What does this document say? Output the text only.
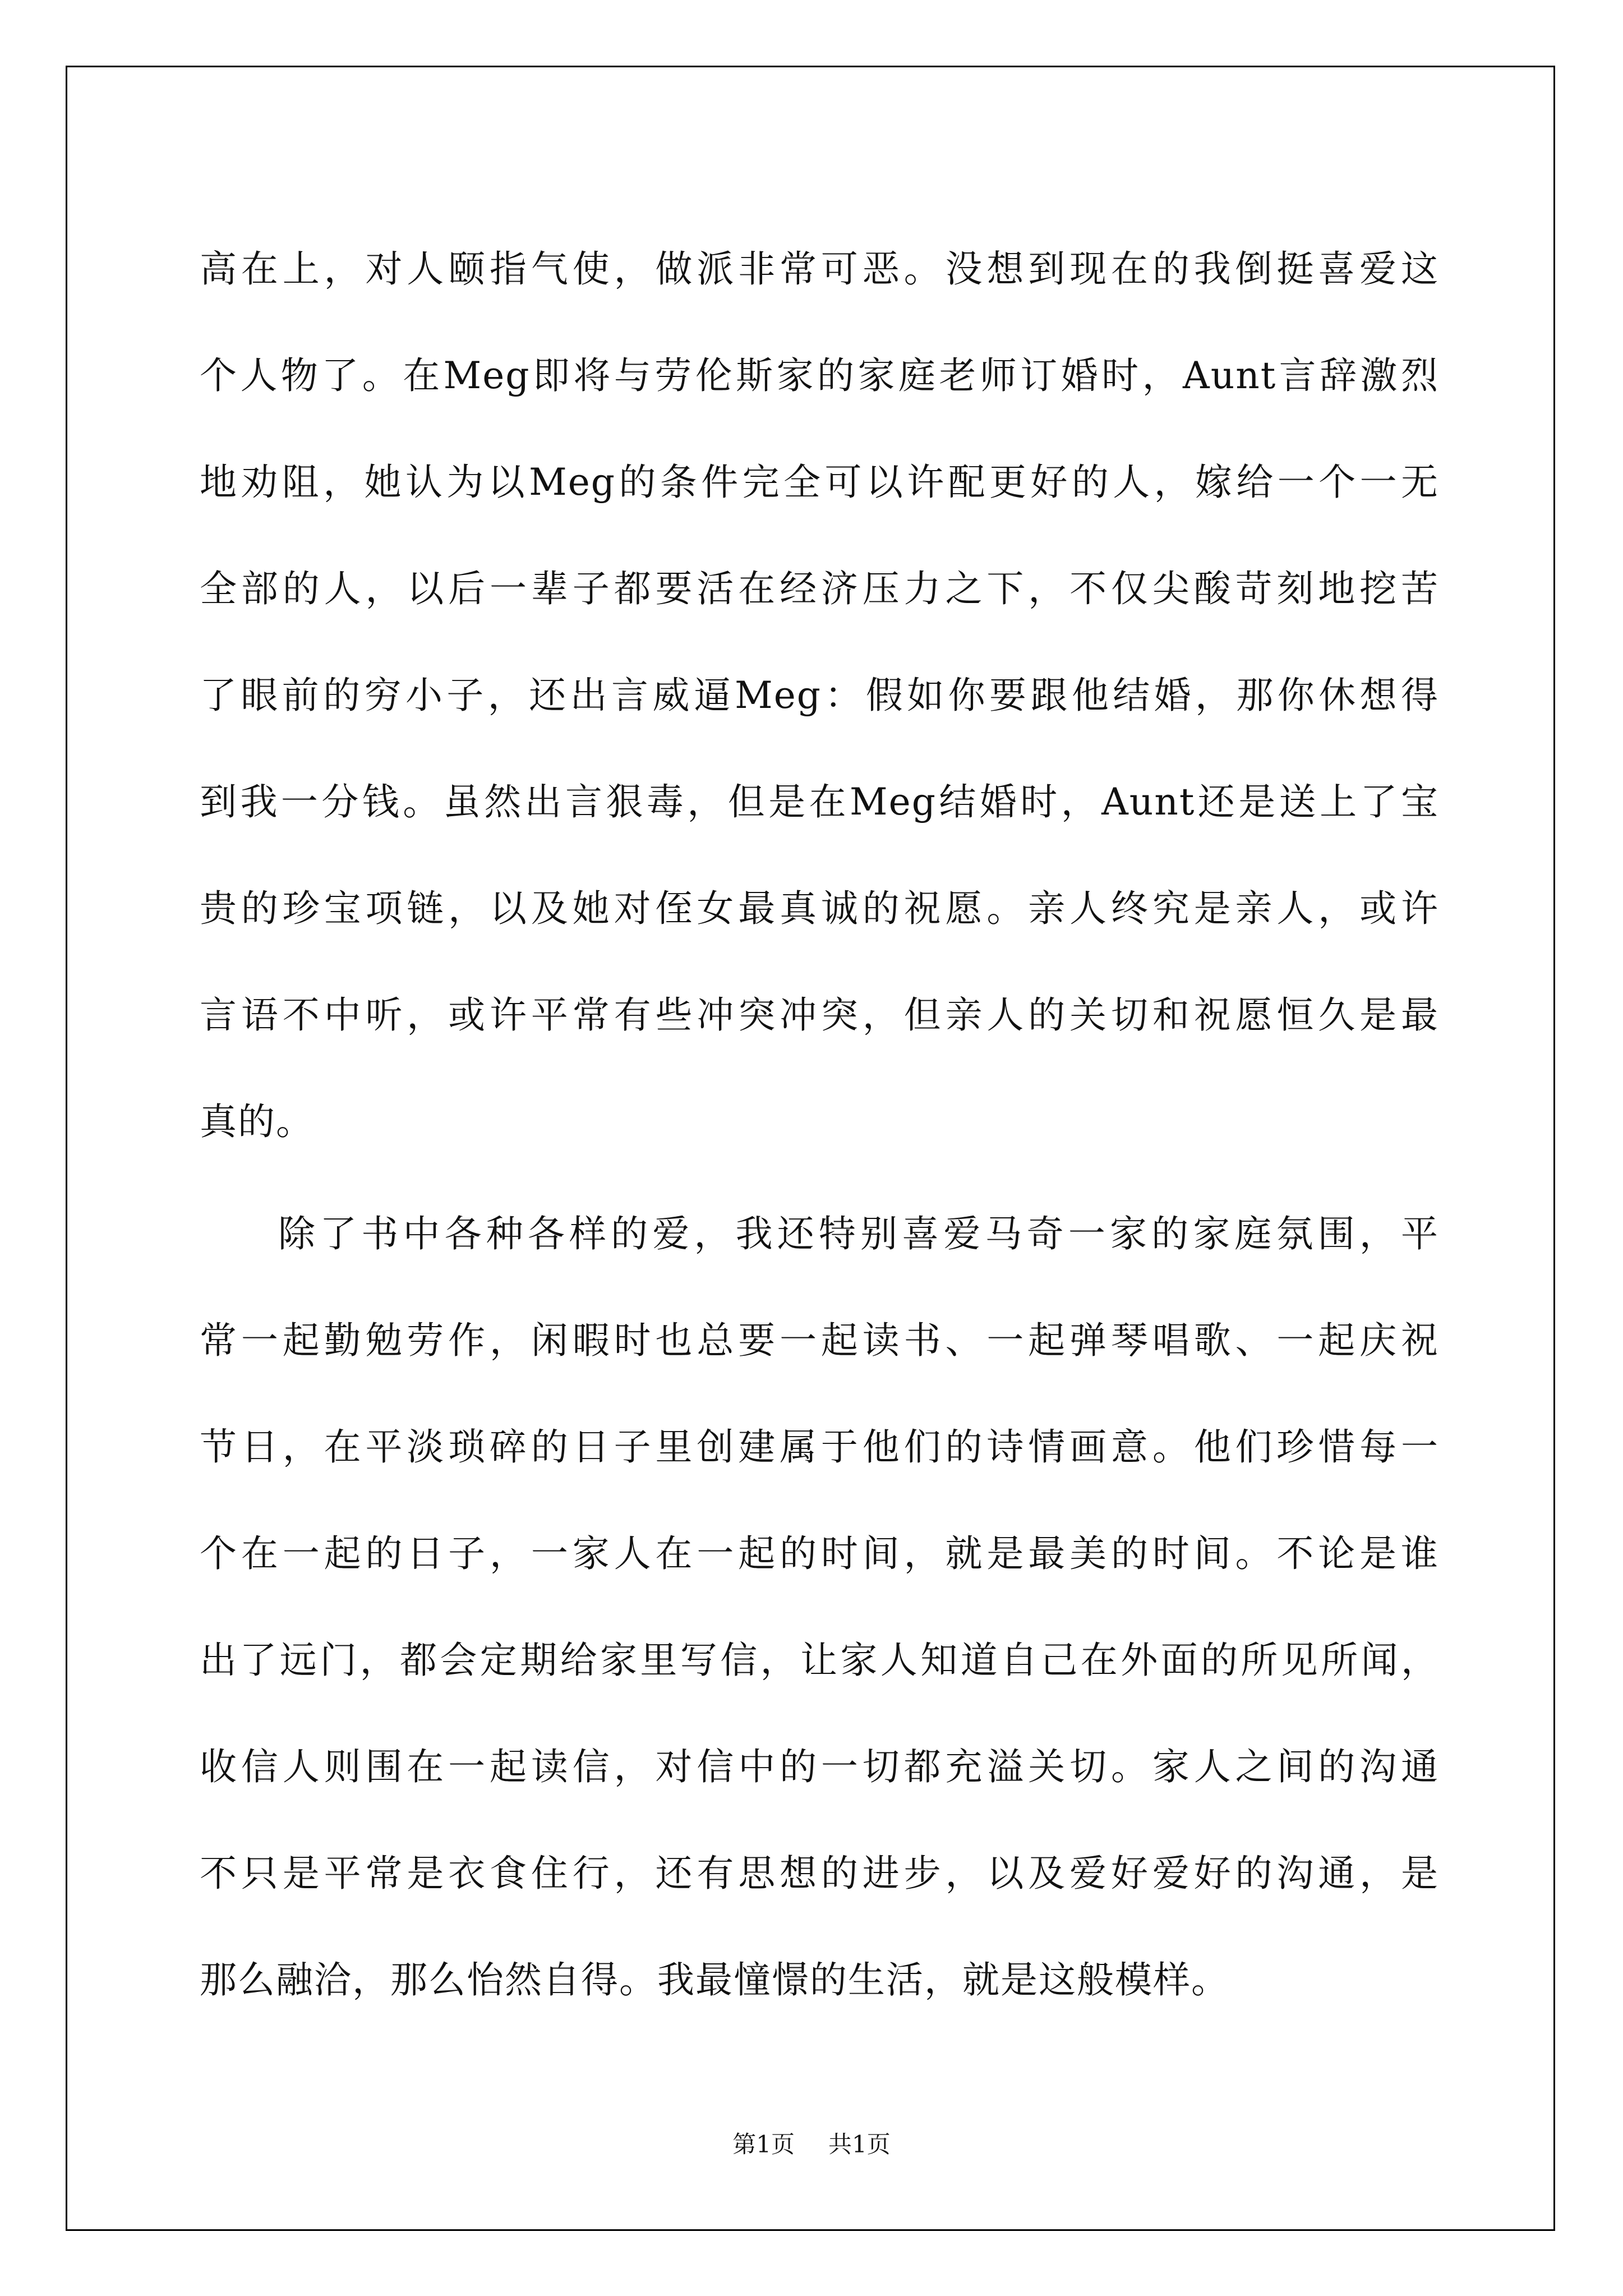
高在上，对人颐指气使，做派非常可恶。没想到现在的我倒挺喜爱这
个人物了。在Meg即将与劳伦斯家的家庭老师订婚时，Aunt言辞激烈
地劝阻，她认为以Meg的条件完全可以许配更好的人，嫁给一个一无
全部的人，以后一辈子都要活在经济压力之下，不仅尖酸苛刻地挖苦
了眼前的穷小子，还出言威逼Meg：假如你要跟他结婚，那你休想得
到我一分钱。虽然出言狠毒，但是在Meg结婚时，Aunt还是送上了宝
贵的珍宝项链，以及她对侄女最真诚的祝愿。亲人终究是亲人，或许
言语不中听，或许平常有些冲突冲突，但亲人的关切和祝愿恒久是最
真的。
除了书中各种各样的爱，我还特别喜爱马奇一家的家庭氛围，平
常一起勤勉劳作，闲暇时也总要一起读书、一起弹琴唱歌、一起庆祝
节日，在平淡琐碎的日子里创建属于他们的诗情画意。他们珍惜每一
个在一起的日子，一家人在一起的时间，就是最美的时间。不论是谁
出了远门，都会定期给家里写信，让家人知道自己在外面的所见所闻，
收信人则围在一起读信，对信中的一切都充溢关切。家人之间的沟通
不只是平常是衣食住行，还有思想的进步，以及爱好爱好的沟通，是
那么融洽，那么怡然自得。我最憧憬的生活，就是这般模样。
第1页 共1页
